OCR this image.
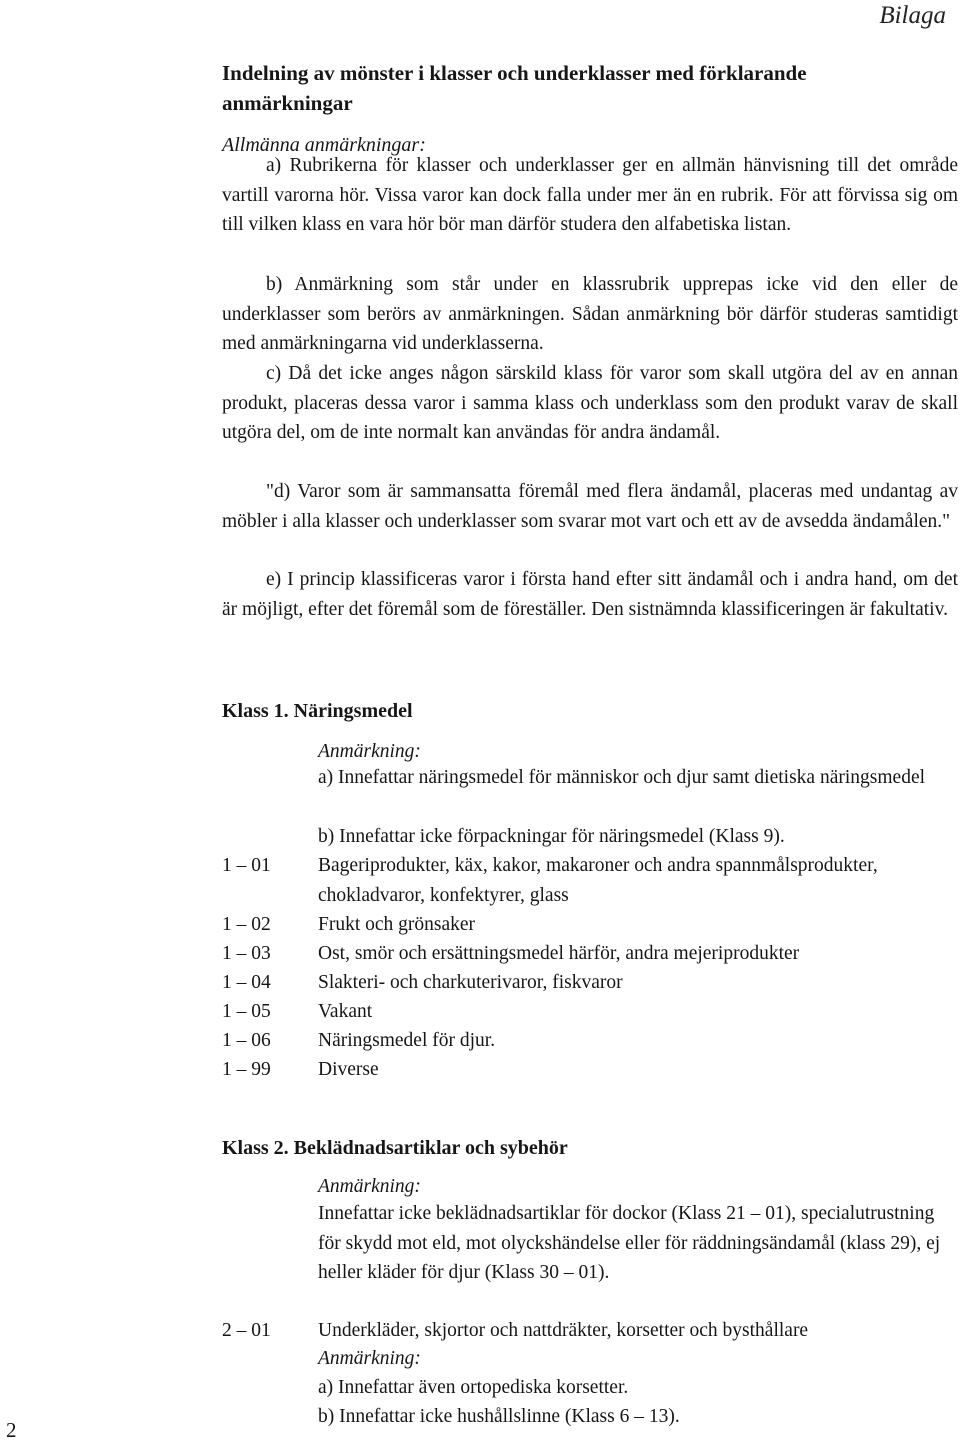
Bilaga
Indelning av mönster i klasser och underklasser med förklarande anmärkningar
Allmänna anmärkningar:
a) Rubrikerna för klasser och underklasser ger en allmän hänvisning till det område vartill varorna hör. Vissa varor kan dock falla under mer än en rubrik. För att förvissa sig om till vilken klass en vara hör bör man därför studera den alfabetiska listan.
b) Anmärkning som står under en klassrubrik upprepas icke vid den eller de underklasser som berörs av anmärkningen. Sådan anmärkning bör därför studeras samtidigt med anmärkningarna vid underklasserna.
c) Då det icke anges någon särskild klass för varor som skall utgöra del av en annan produkt, placeras dessa varor i samma klass och underklass som den produkt varav de skall utgöra del, om de inte normalt kan användas för andra ändamål.
"d) Varor som är sammansatta föremål med flera ändamål, placeras med undantag av möbler i alla klasser och underklasser som svarar mot vart och ett av de avsedda ändamålen."
e) I princip klassificeras varor i första hand efter sitt ändamål och i andra hand, om det är möjligt, efter det föremål som de föreställer. Den sistnämnda klassificeringen är fakultativ.
Klass 1. Näringsmedel
Anmärkning:
a) Innefattar näringsmedel för människor och djur samt dietiska näringsmedel
b) Innefattar icke förpackningar för näringsmedel (Klass 9).
1 – 01	Bageriprodukter, käx, kakor, makaroner och andra spannmålsprodukter, chokladvaror, konfektyrer, glass
1 – 02	Frukt och grönsaker
1 – 03	Ost, smör och ersättningsmedel härför, andra mejeriprodukter
1 – 04	Slakteri- och charkuterivaror, fiskvaror
1 – 05	Vakant
1 – 06	Näringsmedel för djur.
1 – 99	Diverse
Klass 2. Beklädnadsartiklar och sybehör
Anmärkning:
Innefattar icke beklädnadsartiklar för dockor (Klass 21 – 01), specialutrustning för skydd mot eld, mot olyckshändelse eller för räddningsändamål (klass 29), ej heller kläder för djur (Klass 30 – 01).
2 – 01	Underkläder, skjortor och nattdräkter, korsetter och bysthållare
Anmärkning:
a) Innefattar även ortopediska korsetter.
b) Innefattar icke hushållslinne (Klass 6 – 13).
2
